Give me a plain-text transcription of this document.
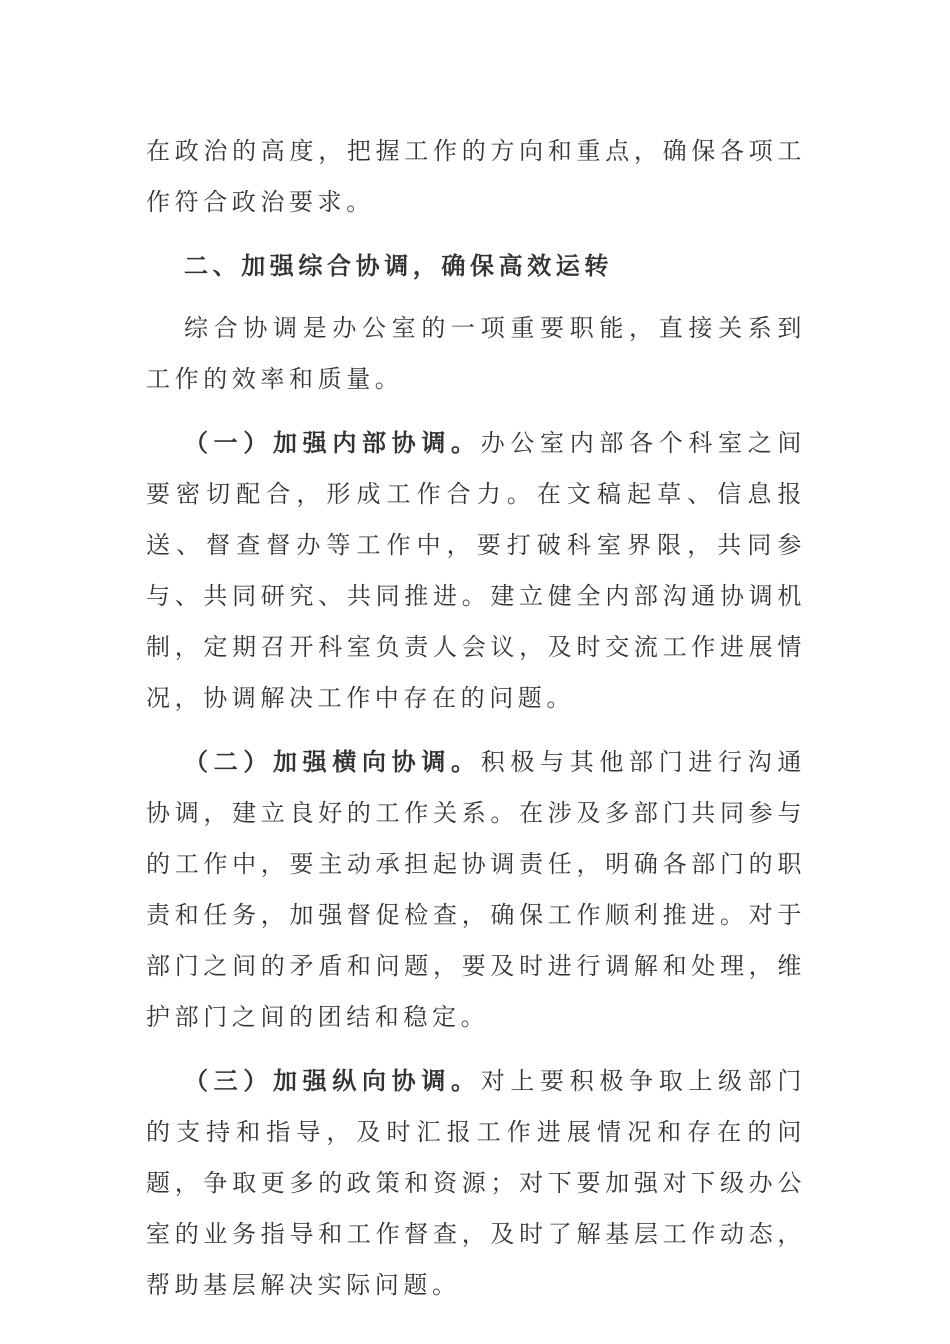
在政治的高度，把握工作的方向和重点，确保各项工作符合政治要求。

二、加强综合协调，确保高效运转

综合协调是办公室的一项重要职能，直接关系到工作的效率和质量。

（一）加强内部协调。办公室内部各个科室之间要密切配合，形成工作合力。在文稿起草、信息报送、督查督办等工作中，要打破科室界限，共同参与、共同研究、共同推进。建立健全内部沟通协调机制，定期召开科室负责人会议，及时交流工作进展情况，协调解决工作中存在的问题。

（二）加强横向协调。积极与其他部门进行沟通协调，建立良好的工作关系。在涉及多部门共同参与的工作中，要主动承担起协调责任，明确各部门的职责和任务，加强督促检查，确保工作顺利推进。对于部门之间的矛盾和问题，要及时进行调解和处理，维护部门之间的团结和稳定。

（三）加强纵向协调。对上要积极争取上级部门的支持和指导，及时汇报工作进展情况和存在的问题，争取更多的政策和资源；对下要加强对下级办公室的业务指导和工作督查，及时了解基层工作动态，帮助基层解决实际问题。
